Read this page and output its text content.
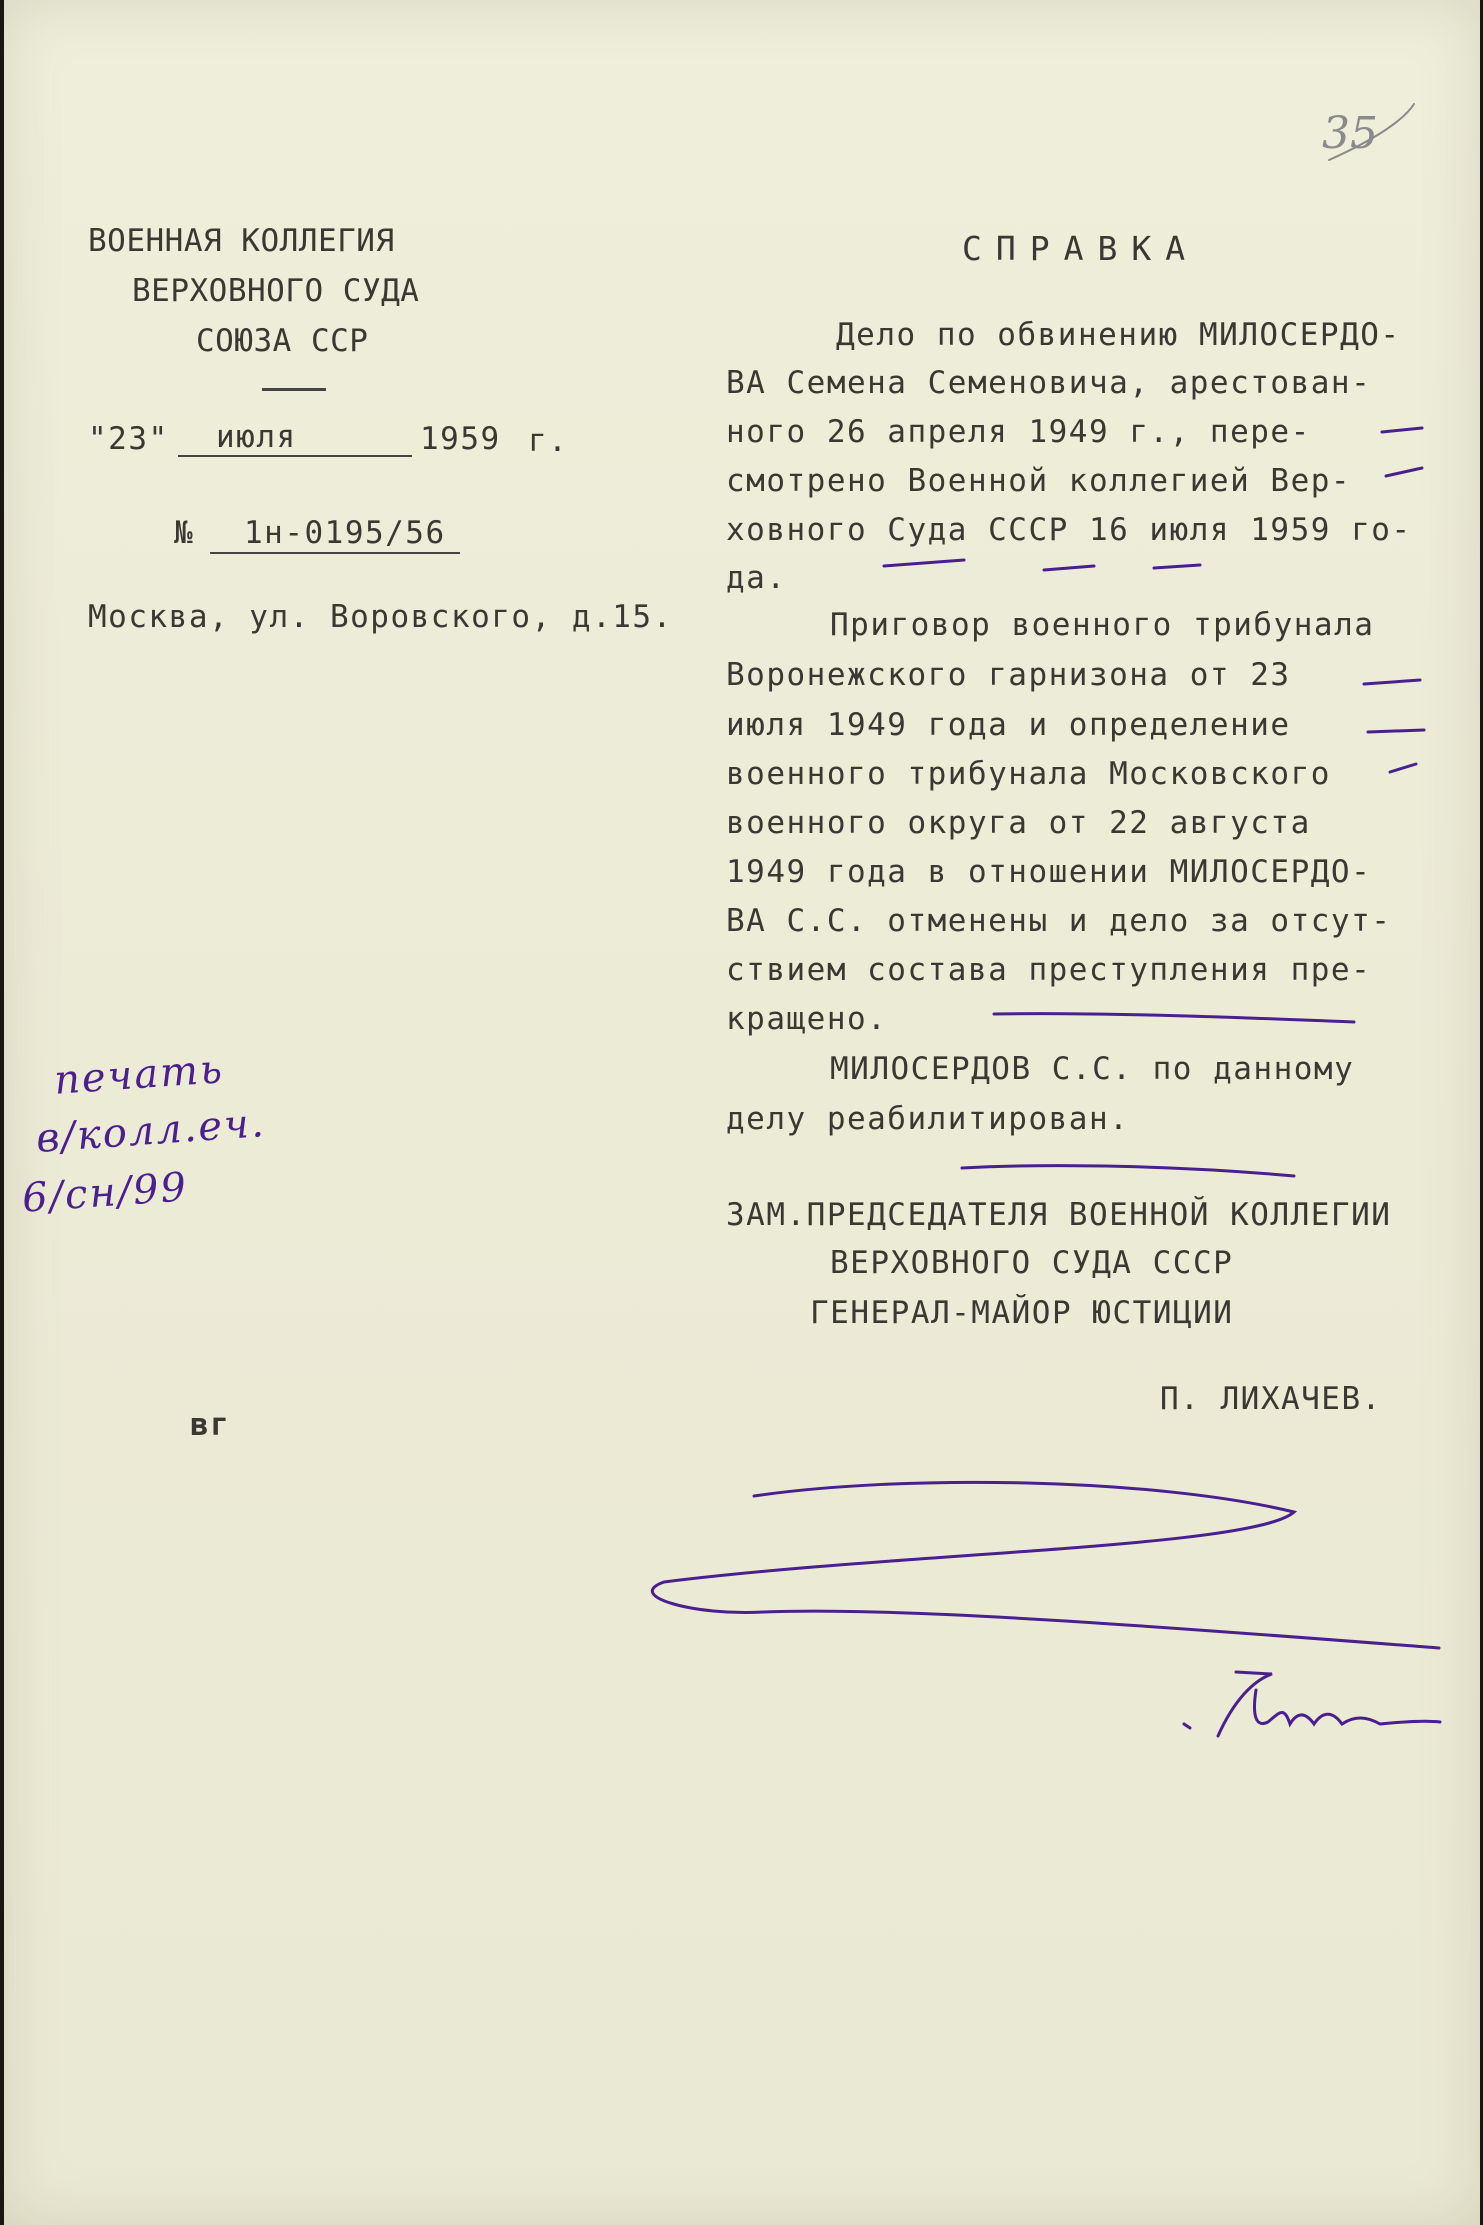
35
ВОЕННАЯ КОЛЛЕГИЯ
ВЕРХОВНОГО СУДА
СОЮЗА ССР
"23" июля	1959 г.
№ 1н-0195/56
Москва, ул. Воровского, д.15.
СПРАВКА
Дело по обвинению МИЛОСЕРДО-
ВА Семена Семеновича, арестован-
ного 26 апреля 1949 г., пере-
смотрено Военной коллегией Вер-
ховного Суда СССР 16 июля 1959 го-
да.
Приговор военного трибунала
Воронежского гарнизона от 23
июля 1949 года и определение
военного трибунала Московского
военного округа от 22 августа
1949 года в отношении МИЛОСЕРДО-
ВА С.С. отменены и дело за отсут-
ствием состава преступления пре-
кращено.
МИЛОСЕРДОВ С.С. по данному
делу реабилитирован.
ЗАМ.ПРЕДСЕДАТЕЛЯ ВОЕННОЙ КОЛЛЕГИИ
ВЕРХОВНОГО СУДА СССР
ГЕНЕРАЛ-МАЙОР ЮСТИЦИИ
П. ЛИХАЧЕВ.
вг
печать
в/колл.еч.
6/сн/99
